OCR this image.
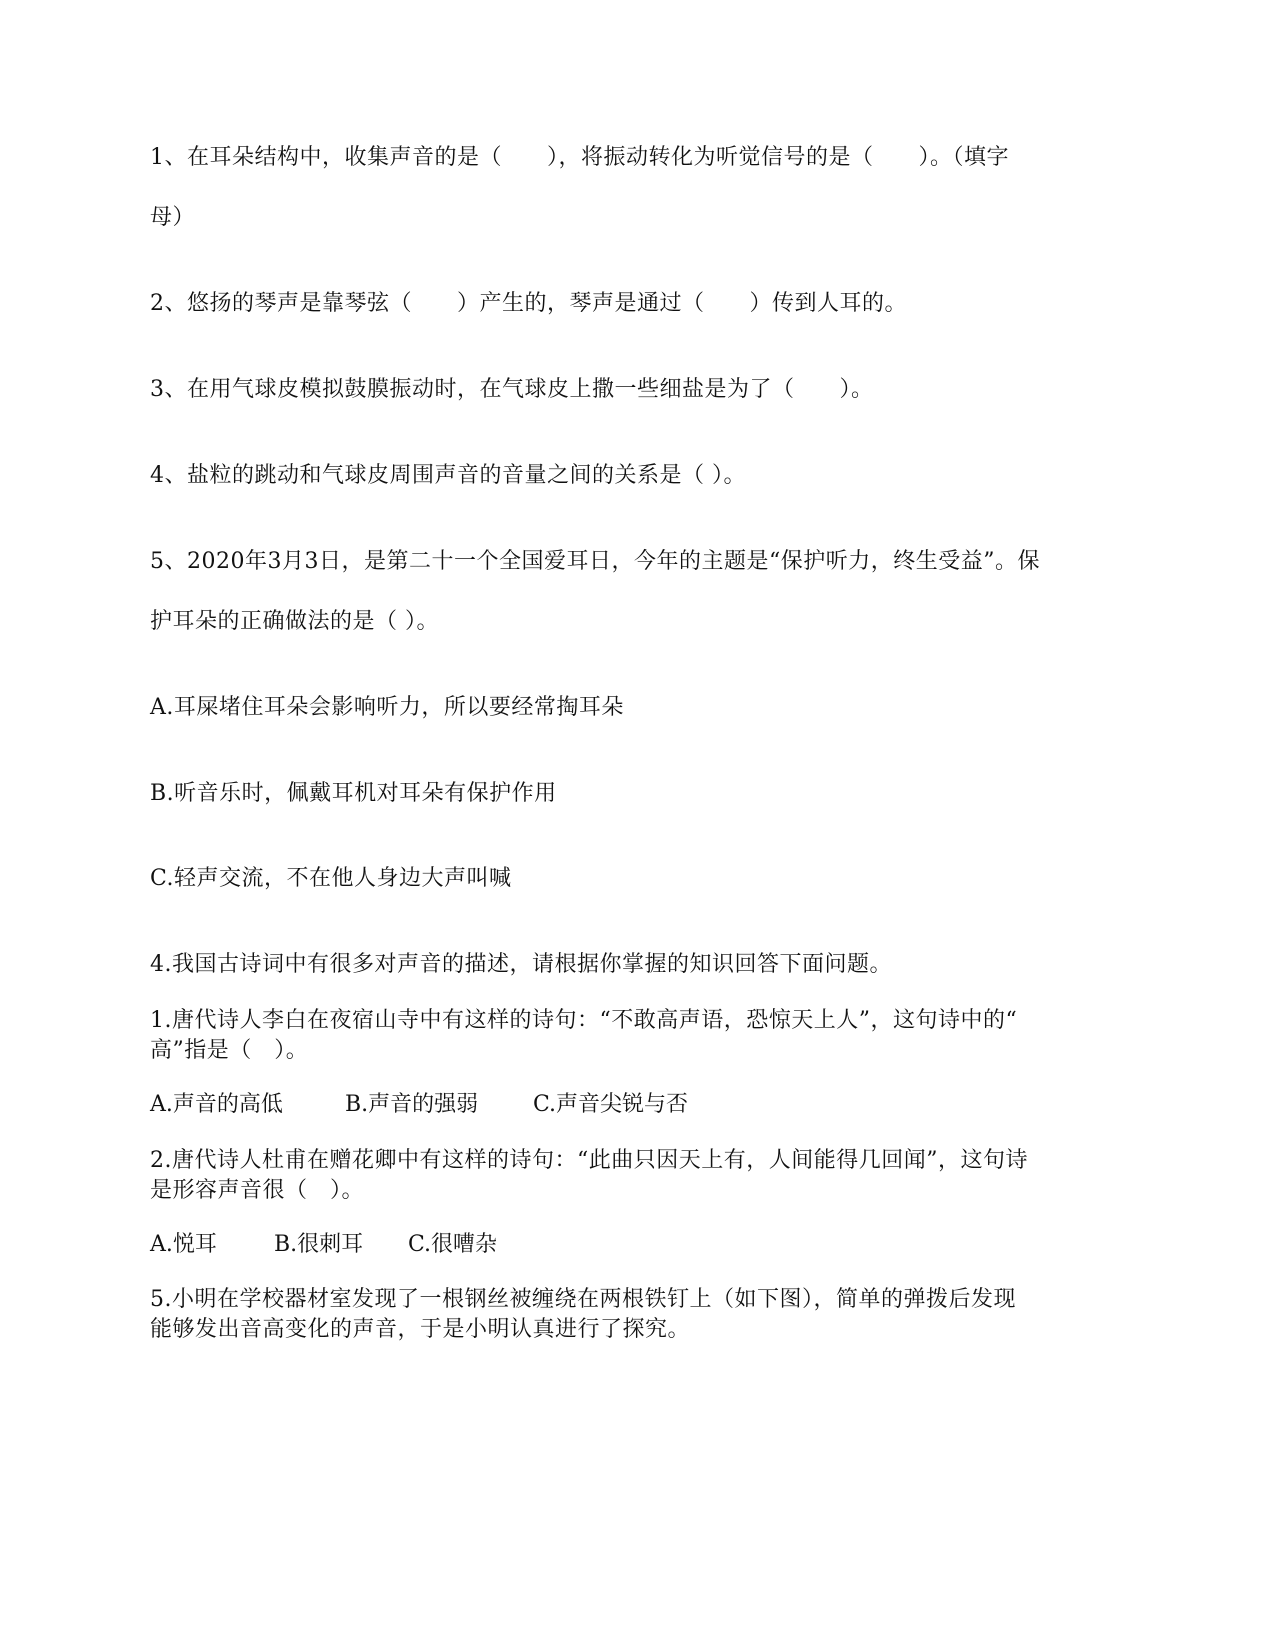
1、在耳朵结构中，收集声音的是（　　），将振动转化为听觉信号的是（　　）。（填字
母）
2、悠扬的琴声是靠琴弦（　　）产生的，琴声是通过（　　）传到人耳的。
3、在用气球皮模拟鼓膜振动时，在气球皮上撒一些细盐是为了（　　）。
4、盐粒的跳动和气球皮周围声音的音量之间的关系是（ ）。
5、2020年3月3日，是第二十一个全国爱耳日，今年的主题是“保护听力，终生受益”。保
护耳朵的正确做法的是（ ）。
A.耳屎堵住耳朵会影响听力，所以要经常掏耳朵
B.听音乐时，佩戴耳机对耳朵有保护作用
C.轻声交流，不在他人身边大声叫喊
4.我国古诗词中有很多对声音的描述，请根据你掌握的知识回答下面问题。
1.唐代诗人李白在夜宿山寺中有这样的诗句：“不敢高声语，恐惊天上人”，这句诗中的“
高”指是（　）。
A.声音的高低	B.声音的强弱 C.声音尖锐与否
2.唐代诗人杜甫在赠花卿中有这样的诗句：“此曲只因天上有，人间能得几回闻”，这句诗
是形容声音很（　）。
A.悦耳	B.很刺耳 C.很嘈杂
5.小明在学校器材室发现了一根钢丝被缠绕在两根铁钉上（如下图），简单的弹拨后发现
能够发出音高变化的声音，于是小明认真进行了探究。
